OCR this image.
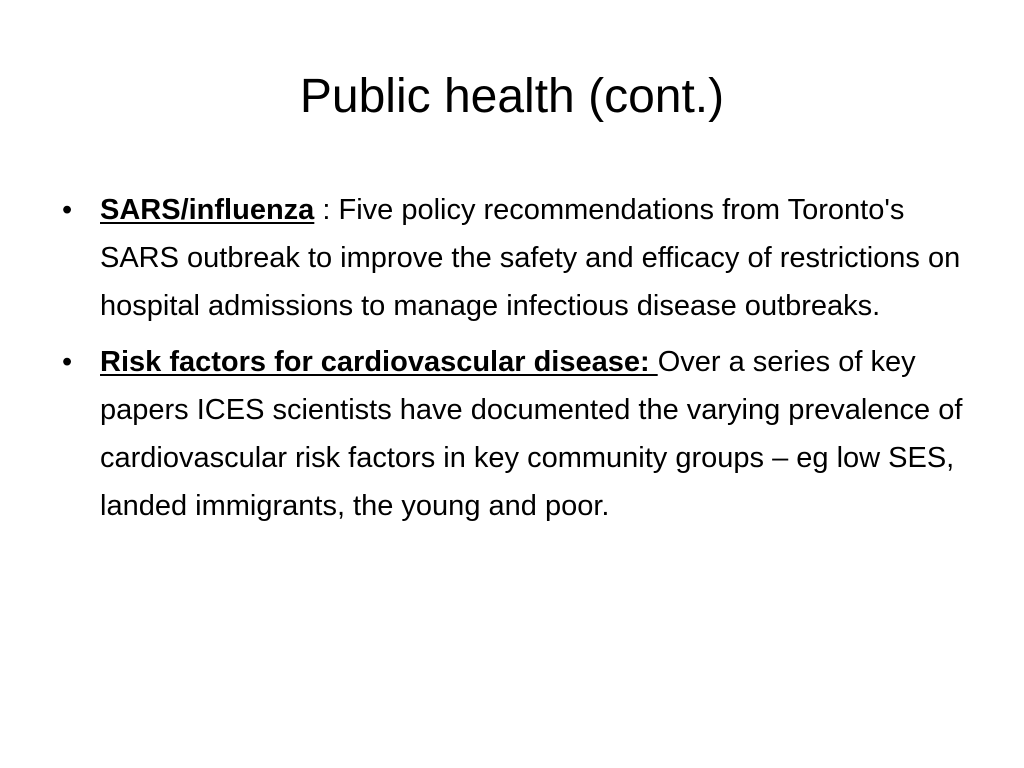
Public health (cont.)
• SARS/influenza : Five policy recommendations from Toronto's SARS outbreak to improve the safety and efficacy of restrictions on hospital admissions to manage infectious disease outbreaks.
• Risk factors for cardiovascular disease: Over a series of key papers ICES scientists have documented the varying prevalence of cardiovascular risk factors in key community groups – eg low SES, landed immigrants, the young and poor.
